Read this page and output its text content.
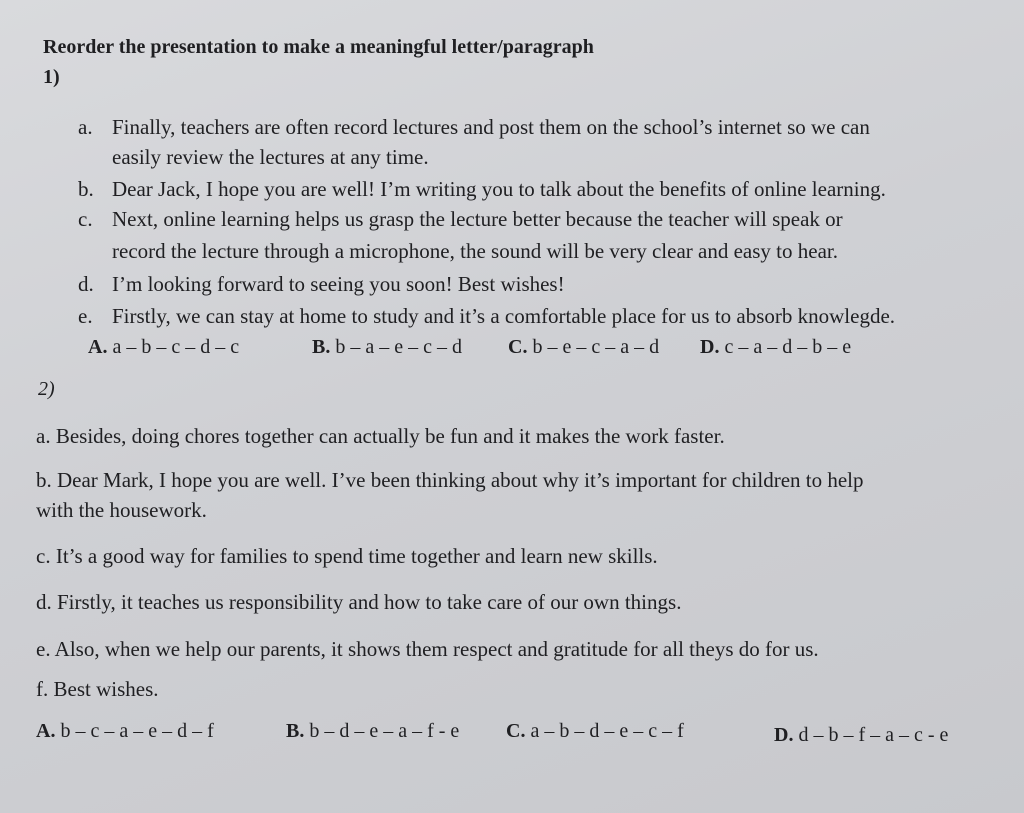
Reorder the presentation to make a meaningful letter/paragraph
1)
a. Finally, teachers are often record lectures and post them on the school’s internet so we can
easily review the lectures at any time.
b. Dear Jack, I hope you are well! I’m writing you to talk about the benefits of online learning.
c. Next, online learning helps us grasp the lecture better because the teacher will speak or
record the lecture through a microphone, the sound will be very clear and easy to hear.
d. I’m looking forward to seeing you soon! Best wishes!
e. Firstly, we can stay at home to study and it’s a comfortable place for us to absorb knowlegde.
A. a – b – c – d – c	B. b – a – e – c – d C. b – e – c – a – d D. c – a – d – b – e
2)
a. Besides, doing chores together can actually be fun and it makes the work faster.
b. Dear Mark, I hope you are well. I’ve been thinking about why it’s important for children to help
with the housework.
c. It’s a good way for families to spend time together and learn new skills.
d. Firstly, it teaches us responsibility and how to take care of our own things.
e. Also, when we help our parents, it shows them respect and gratitude for all theys do for us.
f. Best wishes.
A. b – c – a – e – d – f	B. b – d – e – a – f - e C. a – b – d – e – c – f	D. d – b – f – a – c - e
